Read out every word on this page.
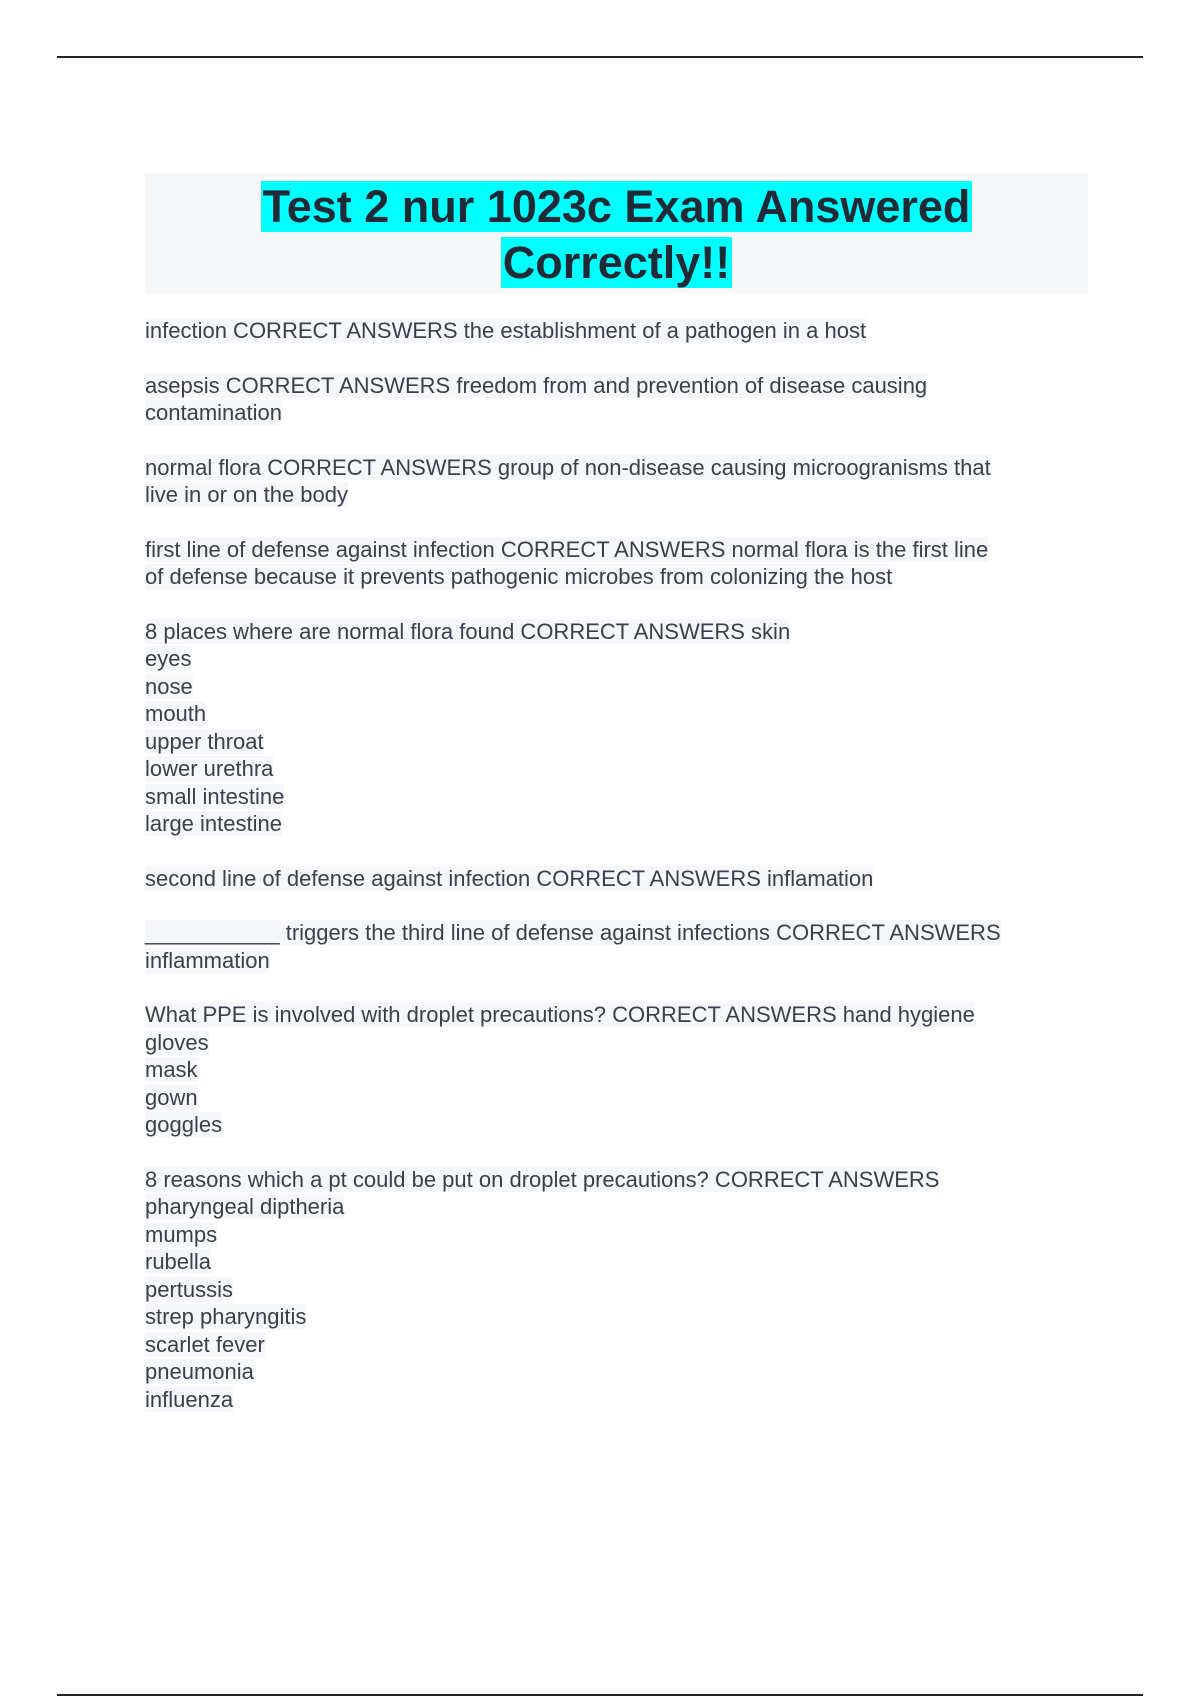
Test 2 nur 1023c Exam Answered
Correctly!!

infection CORRECT ANSWERS the establishment of a pathogen in a host

asepsis CORRECT ANSWERS freedom from and prevention of disease causing
contamination

normal flora CORRECT ANSWERS group of non-disease causing microogranisms that
live in or on the body

first line of defense against infection CORRECT ANSWERS normal flora is the first line
of defense because it prevents pathogenic microbes from colonizing the host

8 places where are normal flora found CORRECT ANSWERS skin
eyes
nose
mouth
upper throat
lower urethra
small intestine
large intestine

second line of defense against infection CORRECT ANSWERS inflamation

___________ triggers the third line of defense against infections CORRECT ANSWERS
inflammation

What PPE is involved with droplet precautions? CORRECT ANSWERS hand hygiene
gloves
mask
gown
goggles

8 reasons which a pt could be put on droplet precautions? CORRECT ANSWERS
pharyngeal diptheria
mumps
rubella
pertussis
strep pharyngitis
scarlet fever
pneumonia
influenza
